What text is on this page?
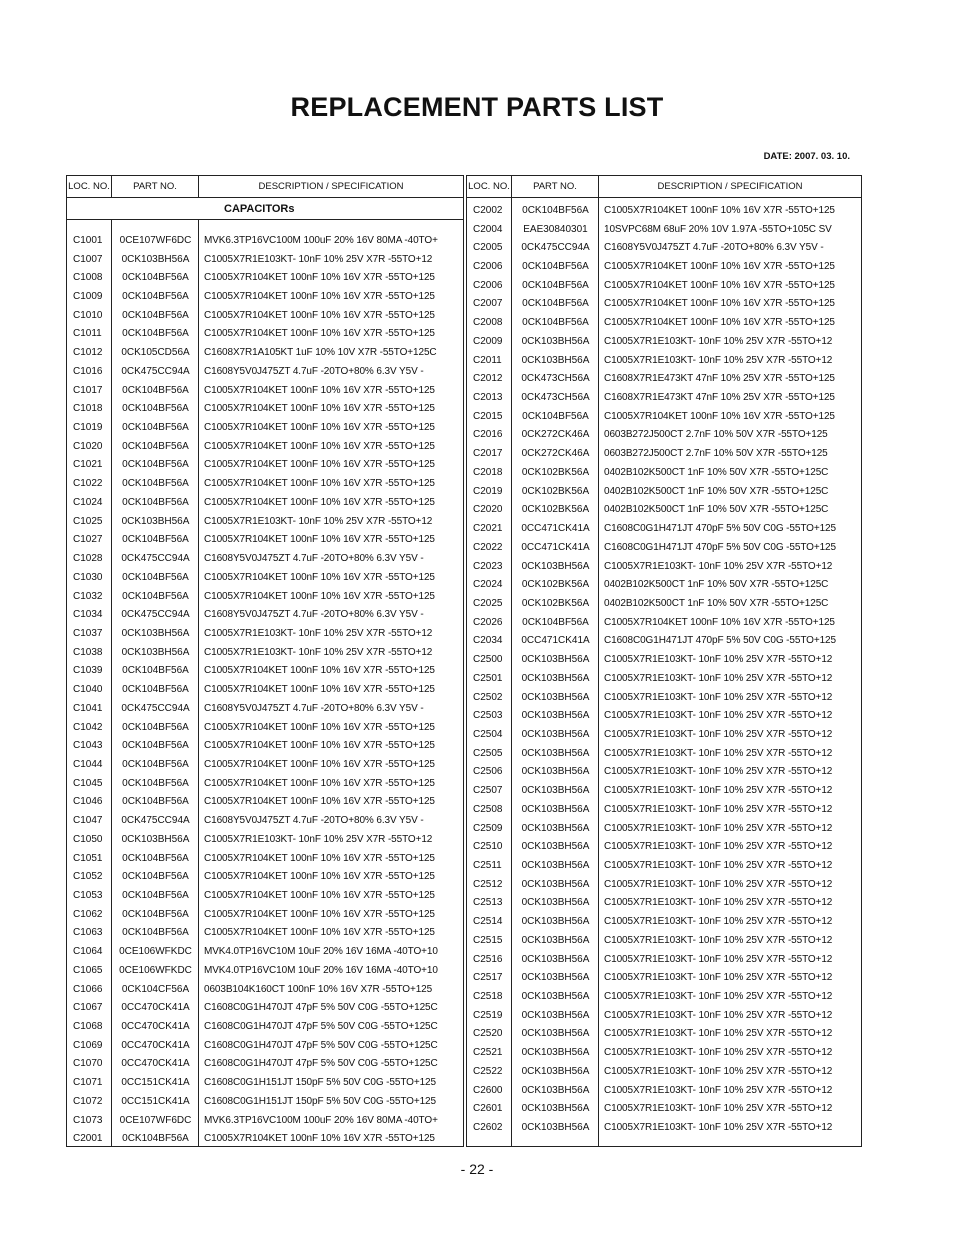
REPLACEMENT PARTS LIST
DATE: 2007. 03. 10.
LOC. NO.	PART NO.	DESCRIPTION / SPECIFICATION
CAPACITORs
C1001	0CE107WF6DC	MVK6.3TP16VC100M 100uF 20% 16V 80MA -40TO+
C1007	0CK103BH56A	C1005X7R1E103KT- 10nF 10% 25V X7R -55TO+12
C1008	0CK104BF56A	C1005X7R104KET 100nF 10% 16V X7R -55TO+125
C1009	0CK104BF56A	C1005X7R104KET 100nF 10% 16V X7R -55TO+125
C1010	0CK104BF56A	C1005X7R104KET 100nF 10% 16V X7R -55TO+125
C1011	0CK104BF56A	C1005X7R104KET 100nF 10% 16V X7R -55TO+125
C1012	0CK105CD56A	C1608X7R1A105KT 1uF 10% 10V X7R -55TO+125C
C1016	0CK475CC94A	C1608Y5V0J475ZT 4.7uF -20TO+80% 6.3V Y5V -
C1017	0CK104BF56A	C1005X7R104KET 100nF 10% 16V X7R -55TO+125
C1018	0CK104BF56A	C1005X7R104KET 100nF 10% 16V X7R -55TO+125
C1019	0CK104BF56A	C1005X7R104KET 100nF 10% 16V X7R -55TO+125
C1020	0CK104BF56A	C1005X7R104KET 100nF 10% 16V X7R -55TO+125
C1021	0CK104BF56A	C1005X7R104KET 100nF 10% 16V X7R -55TO+125
C1022	0CK104BF56A	C1005X7R104KET 100nF 10% 16V X7R -55TO+125
C1024	0CK104BF56A	C1005X7R104KET 100nF 10% 16V X7R -55TO+125
C1025	0CK103BH56A	C1005X7R1E103KT- 10nF 10% 25V X7R -55TO+12
C1027	0CK104BF56A	C1005X7R104KET 100nF 10% 16V X7R -55TO+125
C1028	0CK475CC94A	C1608Y5V0J475ZT 4.7uF -20TO+80% 6.3V Y5V -
C1030	0CK104BF56A	C1005X7R104KET 100nF 10% 16V X7R -55TO+125
C1032	0CK104BF56A	C1005X7R104KET 100nF 10% 16V X7R -55TO+125
C1034	0CK475CC94A	C1608Y5V0J475ZT 4.7uF -20TO+80% 6.3V Y5V -
C1037	0CK103BH56A	C1005X7R1E103KT- 10nF 10% 25V X7R -55TO+12
C1038	0CK103BH56A	C1005X7R1E103KT- 10nF 10% 25V X7R -55TO+12
C1039	0CK104BF56A	C1005X7R104KET 100nF 10% 16V X7R -55TO+125
C1040	0CK104BF56A	C1005X7R104KET 100nF 10% 16V X7R -55TO+125
C1041	0CK475CC94A	C1608Y5V0J475ZT 4.7uF -20TO+80% 6.3V Y5V -
C1042	0CK104BF56A	C1005X7R104KET 100nF 10% 16V X7R -55TO+125
C1043	0CK104BF56A	C1005X7R104KET 100nF 10% 16V X7R -55TO+125
C1044	0CK104BF56A	C1005X7R104KET 100nF 10% 16V X7R -55TO+125
C1045	0CK104BF56A	C1005X7R104KET 100nF 10% 16V X7R -55TO+125
C1046	0CK104BF56A	C1005X7R104KET 100nF 10% 16V X7R -55TO+125
C1047	0CK475CC94A	C1608Y5V0J475ZT 4.7uF -20TO+80% 6.3V Y5V -
C1050	0CK103BH56A	C1005X7R1E103KT- 10nF 10% 25V X7R -55TO+12
C1051	0CK104BF56A	C1005X7R104KET 100nF 10% 16V X7R -55TO+125
C1052	0CK104BF56A	C1005X7R104KET 100nF 10% 16V X7R -55TO+125
C1053	0CK104BF56A	C1005X7R104KET 100nF 10% 16V X7R -55TO+125
C1062	0CK104BF56A	C1005X7R104KET 100nF 10% 16V X7R -55TO+125
C1063	0CK104BF56A	C1005X7R104KET 100nF 10% 16V X7R -55TO+125
C1064	0CE106WFKDC	MVK4.0TP16VC10M 10uF 20% 16V 16MA -40TO+10
C1065	0CE106WFKDC	MVK4.0TP16VC10M 10uF 20% 16V 16MA -40TO+10
C1066	0CK104CF56A	0603B104K160CT 100nF 10% 16V X7R -55TO+125
C1067	0CC470CK41A	C1608C0G1H470JT 47pF 5% 50V C0G -55TO+125C
C1068	0CC470CK41A	C1608C0G1H470JT 47pF 5% 50V C0G -55TO+125C
C1069	0CC470CK41A	C1608C0G1H470JT 47pF 5% 50V C0G -55TO+125C
C1070	0CC470CK41A	C1608C0G1H470JT 47pF 5% 50V C0G -55TO+125C
C1071	0CC151CK41A	C1608C0G1H151JT 150pF 5% 50V C0G -55TO+125
C1072	0CC151CK41A	C1608C0G1H151JT 150pF 5% 50V C0G -55TO+125
C1073	0CE107WF6DC	MVK6.3TP16VC100M 100uF 20% 16V 80MA -40TO+
C2001	0CK104BF56A	C1005X7R104KET 100nF 10% 16V X7R -55TO+125
LOC. NO.	PART NO.	DESCRIPTION / SPECIFICATION
C2002	0CK104BF56A	C1005X7R104KET 100nF 10% 16V X7R -55TO+125
C2004	EAE30840301	10SVPC68M 68uF 20% 10V 1.97A -55TO+105C SV
C2005	0CK475CC94A	C1608Y5V0J475ZT 4.7uF -20TO+80% 6.3V Y5V -
C2006	0CK104BF56A	C1005X7R104KET 100nF 10% 16V X7R -55TO+125
C2006	0CK104BF56A	C1005X7R104KET 100nF 10% 16V X7R -55TO+125
C2007	0CK104BF56A	C1005X7R104KET 100nF 10% 16V X7R -55TO+125
C2008	0CK104BF56A	C1005X7R104KET 100nF 10% 16V X7R -55TO+125
C2009	0CK103BH56A	C1005X7R1E103KT- 10nF 10% 25V X7R -55TO+12
C2011	0CK103BH56A	C1005X7R1E103KT- 10nF 10% 25V X7R -55TO+12
C2012	0CK473CH56A	C1608X7R1E473KT 47nF 10% 25V X7R -55TO+125
C2013	0CK473CH56A	C1608X7R1E473KT 47nF 10% 25V X7R -55TO+125
C2015	0CK104BF56A	C1005X7R104KET 100nF 10% 16V X7R -55TO+125
C2016	0CK272CK46A	0603B272J500CT 2.7nF 10% 50V X7R -55TO+125
C2017	0CK272CK46A	0603B272J500CT 2.7nF 10% 50V X7R -55TO+125
C2018	0CK102BK56A	0402B102K500CT 1nF 10% 50V X7R -55TO+125C
C2019	0CK102BK56A	0402B102K500CT 1nF 10% 50V X7R -55TO+125C
C2020	0CK102BK56A	0402B102K500CT 1nF 10% 50V X7R -55TO+125C
C2021	0CC471CK41A	C1608C0G1H471JT 470pF 5% 50V C0G -55TO+125
C2022	0CC471CK41A	C1608C0G1H471JT 470pF 5% 50V C0G -55TO+125
C2023	0CK103BH56A	C1005X7R1E103KT- 10nF 10% 25V X7R -55TO+12
C2024	0CK102BK56A	0402B102K500CT 1nF 10% 50V X7R -55TO+125C
C2025	0CK102BK56A	0402B102K500CT 1nF 10% 50V X7R -55TO+125C
C2026	0CK104BF56A	C1005X7R104KET 100nF 10% 16V X7R -55TO+125
C2034	0CC471CK41A	C1608C0G1H471JT 470pF 5% 50V C0G -55TO+125
C2500	0CK103BH56A	C1005X7R1E103KT- 10nF 10% 25V X7R -55TO+12
C2501	0CK103BH56A	C1005X7R1E103KT- 10nF 10% 25V X7R -55TO+12
C2502	0CK103BH56A	C1005X7R1E103KT- 10nF 10% 25V X7R -55TO+12
C2503	0CK103BH56A	C1005X7R1E103KT- 10nF 10% 25V X7R -55TO+12
C2504	0CK103BH56A	C1005X7R1E103KT- 10nF 10% 25V X7R -55TO+12
C2505	0CK103BH56A	C1005X7R1E103KT- 10nF 10% 25V X7R -55TO+12
C2506	0CK103BH56A	C1005X7R1E103KT- 10nF 10% 25V X7R -55TO+12
C2507	0CK103BH56A	C1005X7R1E103KT- 10nF 10% 25V X7R -55TO+12
C2508	0CK103BH56A	C1005X7R1E103KT- 10nF 10% 25V X7R -55TO+12
C2509	0CK103BH56A	C1005X7R1E103KT- 10nF 10% 25V X7R -55TO+12
C2510	0CK103BH56A	C1005X7R1E103KT- 10nF 10% 25V X7R -55TO+12
C2511	0CK103BH56A	C1005X7R1E103KT- 10nF 10% 25V X7R -55TO+12
C2512	0CK103BH56A	C1005X7R1E103KT- 10nF 10% 25V X7R -55TO+12
C2513	0CK103BH56A	C1005X7R1E103KT- 10nF 10% 25V X7R -55TO+12
C2514	0CK103BH56A	C1005X7R1E103KT- 10nF 10% 25V X7R -55TO+12
C2515	0CK103BH56A	C1005X7R1E103KT- 10nF 10% 25V X7R -55TO+12
C2516	0CK103BH56A	C1005X7R1E103KT- 10nF 10% 25V X7R -55TO+12
C2517	0CK103BH56A	C1005X7R1E103KT- 10nF 10% 25V X7R -55TO+12
C2518	0CK103BH56A	C1005X7R1E103KT- 10nF 10% 25V X7R -55TO+12
C2519	0CK103BH56A	C1005X7R1E103KT- 10nF 10% 25V X7R -55TO+12
C2520	0CK103BH56A	C1005X7R1E103KT- 10nF 10% 25V X7R -55TO+12
C2521	0CK103BH56A	C1005X7R1E103KT- 10nF 10% 25V X7R -55TO+12
C2522	0CK103BH56A	C1005X7R1E103KT- 10nF 10% 25V X7R -55TO+12
C2600	0CK103BH56A	C1005X7R1E103KT- 10nF 10% 25V X7R -55TO+12
C2601	0CK103BH56A	C1005X7R1E103KT- 10nF 10% 25V X7R -55TO+12
C2602	0CK103BH56A	C1005X7R1E103KT- 10nF 10% 25V X7R -55TO+12
- 22 -
